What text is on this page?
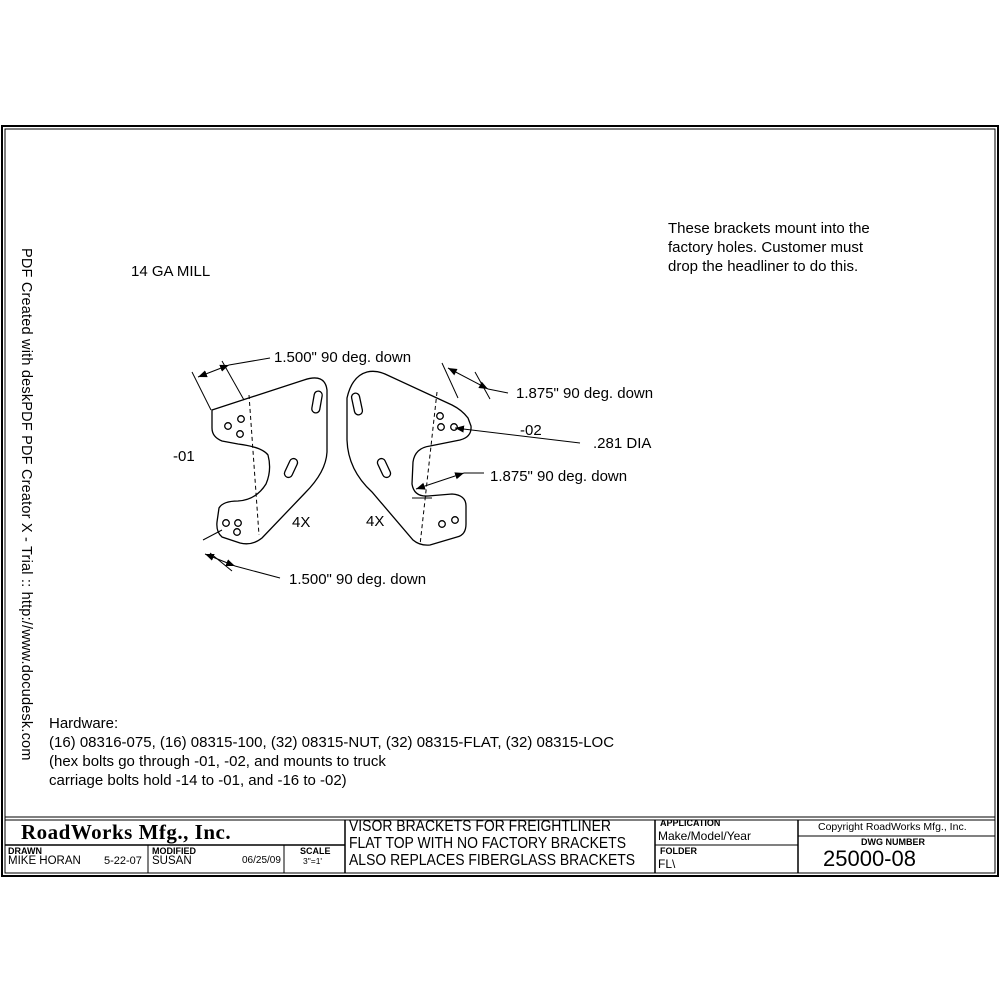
14 GA MILL
These brackets mount into the
factory holes. Customer must
drop the headliner to do this.
-01
-02
4X	4X
1.500" 90 deg. down
1.500" 90 deg. down
1.875" 90 deg. down
1.875" 90 deg. down
.281 DIA
Hardware:
(16) 08316-075, (16) 08315-100, (32) 08315-NUT, (32) 08315-FLAT, (32) 08315-LOC
(hex bolts go through -01, -02, and mounts to truck
carriage bolts hold -14 to -01, and -16 to -02)
PDF Created with deskPDF PDF Creator X - Trial :: http://www.docudesk.com
RoadWorks Mfg., Inc.
DRAWN
MIKE HORAN 5-22-07
MODIFIED
SUSAN	06/25/09
SCALE
3"=1'
VISOR BRACKETS FOR FREIGHTLINER
FLAT TOP WITH NO FACTORY BRACKETS
ALSO REPLACES FIBERGLASS BRACKETS
APPLICATION
Make/Model/Year
FOLDER
FL\
Copyright RoadWorks Mfg., Inc.
DWG NUMBER
25000-08
